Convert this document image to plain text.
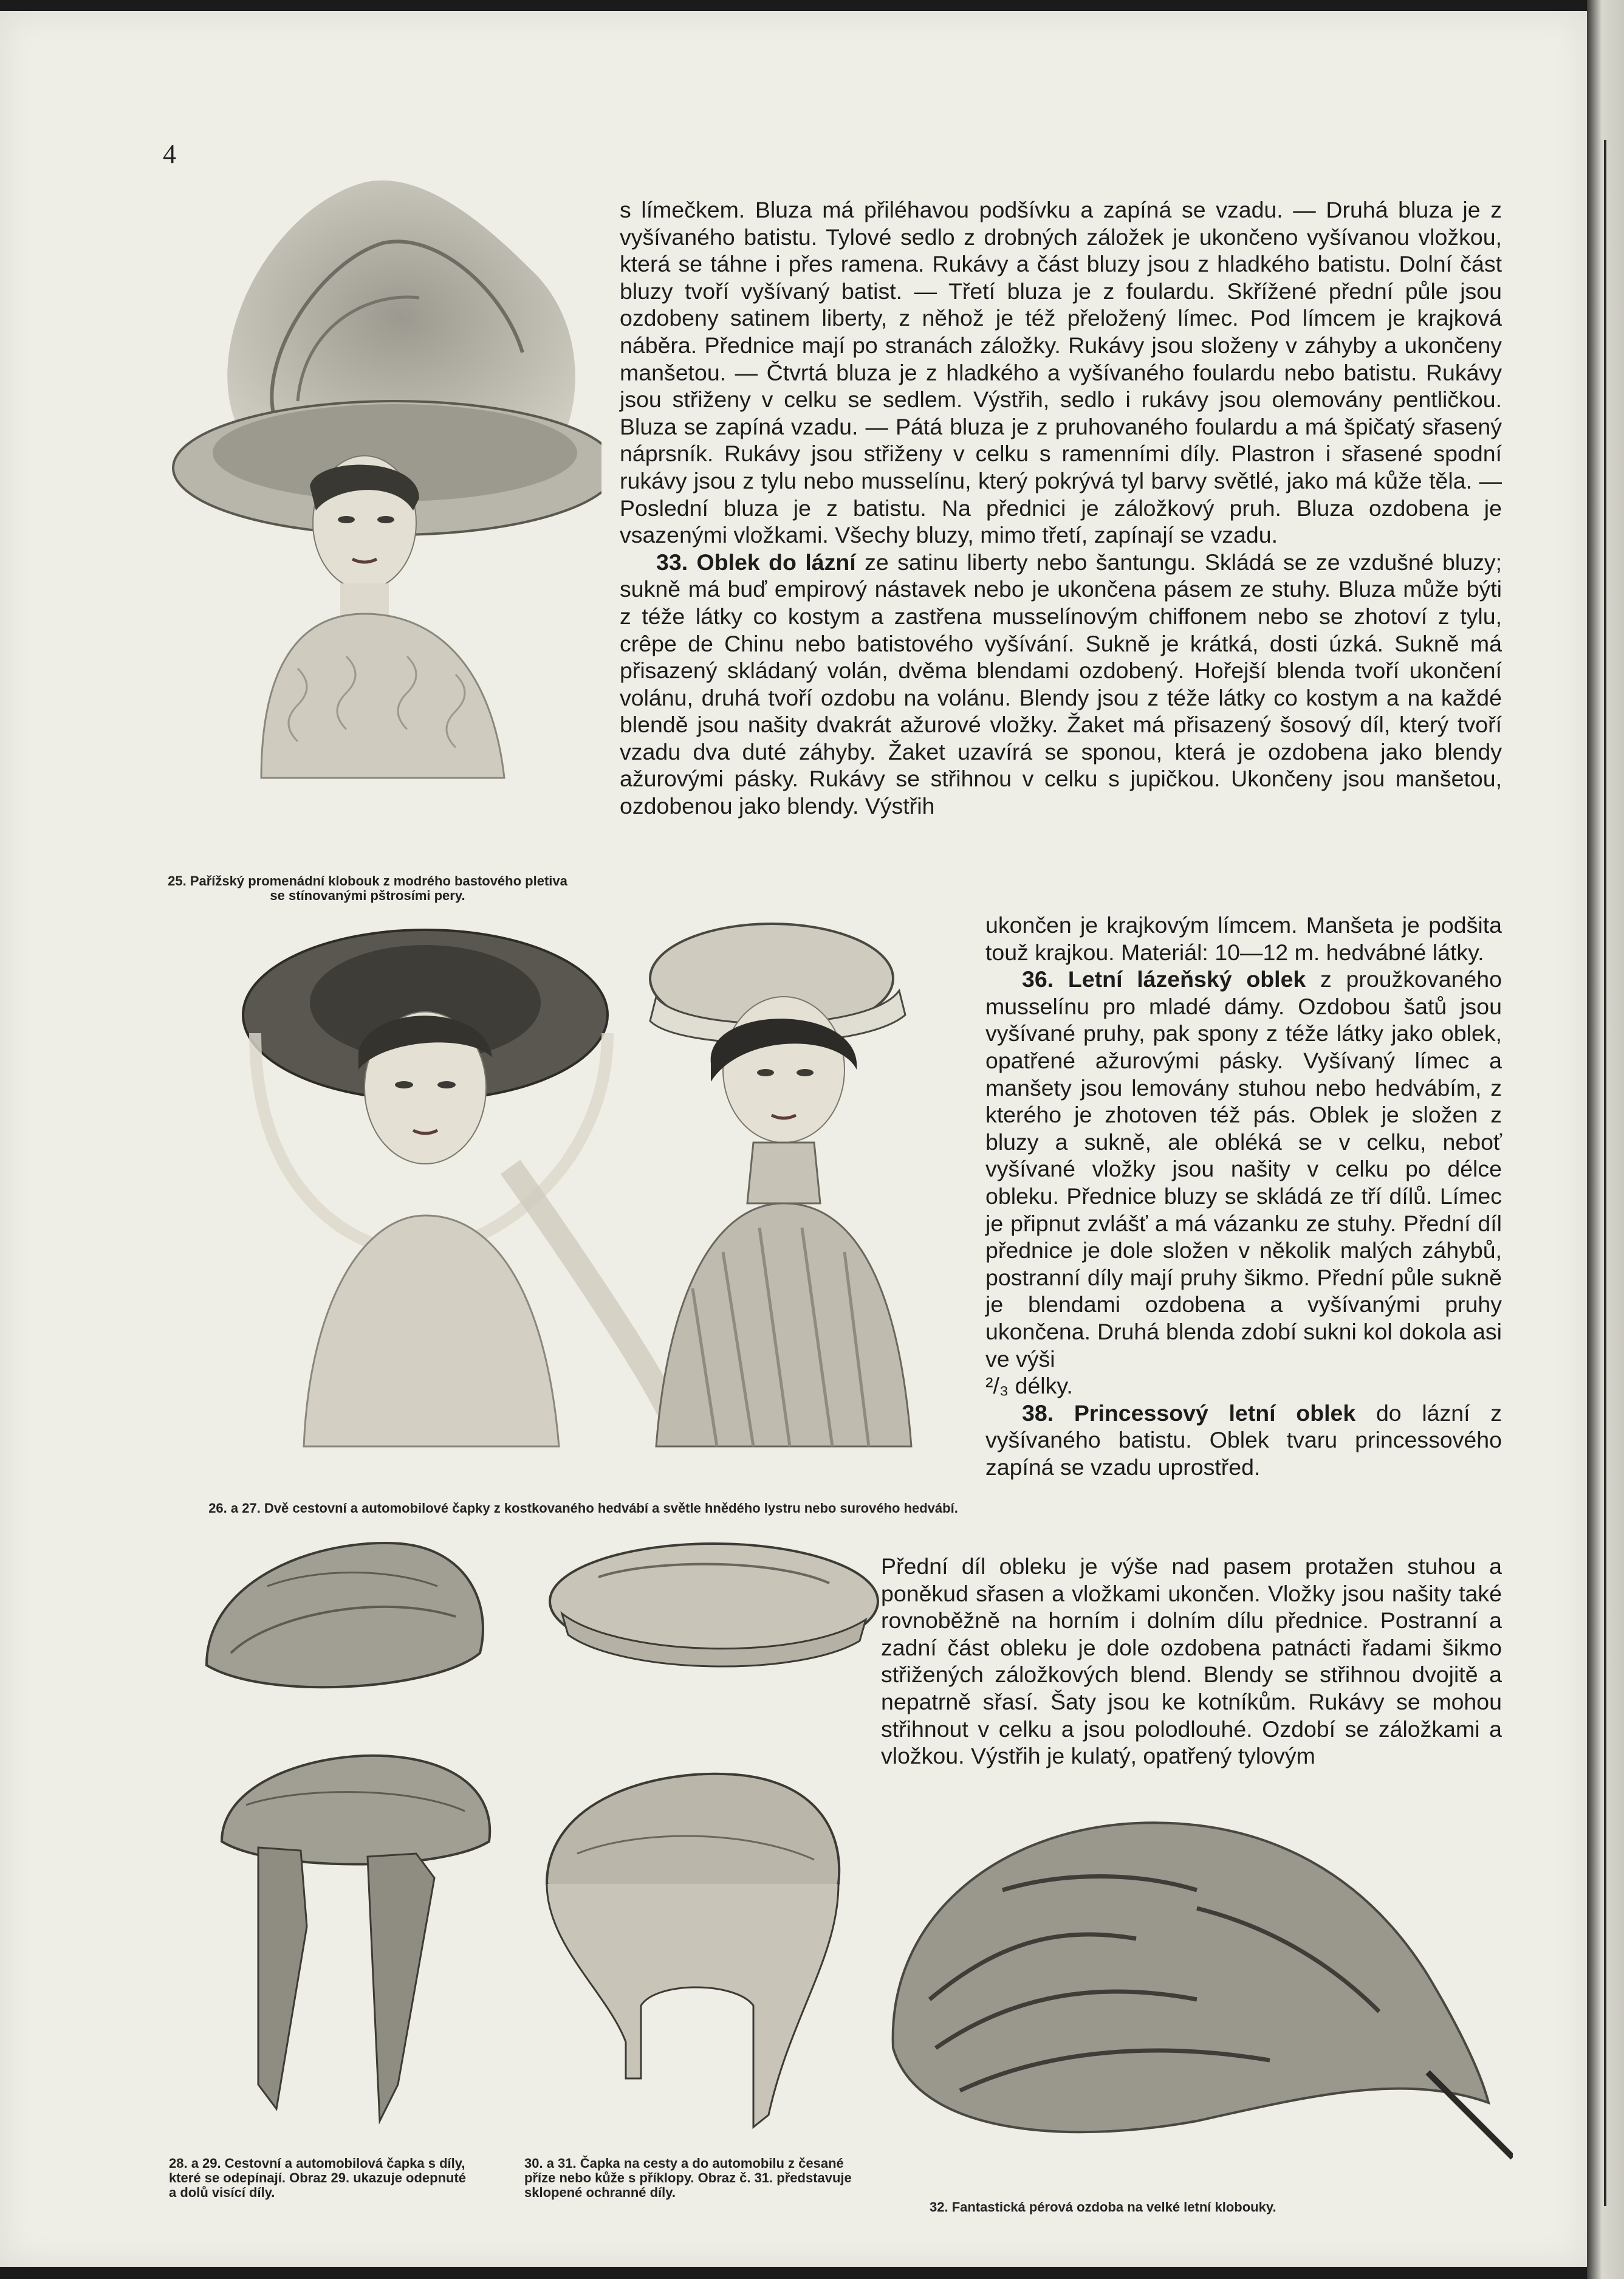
4
25. Pařížský promenádní klobouk z modrého bastového pletiva se stínovanými pštrosími pery.
26. a 27. Dvě cestovní a automobilové čapky z kostkovaného hedvábí a světle hnědého lystru nebo surového hedvábí.
28. a 29. Cestovní a automobilová čapka s díly, které se odepínají. Obraz 29. ukazuje odepnuté a dolů visící díly.
30. a 31. Čapka na cesty a do automobilu z česané příze nebo kůže s příklopy. Obraz č. 31. představuje sklopené ochranné díly.
32. Fantastická pérová ozdoba na velké letní klobouky.

s límečkem. Bluza má přiléhavou podšívku a zapíná se vzadu. — Druhá bluza je z vyšívaného batistu. Tylové sedlo z drobných záložek je ukončeno vyšívanou vložkou, která se táhne i přes ramena. Rukávy a část bluzy jsou z hladkého batistu. Dolní část bluzy tvoří vyšívaný batist. — Třetí bluza je z foulardu. Skřížené přední půle jsou ozdobeny satinem liberty, z něhož je též přeložený límec. Pod límcem je krajková náběra. Přednice mají po stranách záložky. Rukávy jsou složeny v záhyby a ukončeny manšetou. — Čtvrtá bluza je z hladkého a vyšívaného foulardu nebo batistu. Rukávy jsou střiženy v celku se sedlem. Výstřih, sedlo i rukávy jsou olemovány pentličkou. Bluza se zapíná vzadu. — Pátá bluza je z pruhovaného foulardu a má špičatý sřasený náprsník. Rukávy jsou střiženy v celku s ramenními díly. Plastron i sřasené spodní rukávy jsou z tylu nebo musselínu, který pokrývá tyl barvy světlé, jako má kůže těla. — Poslední bluza je z batistu. Na přednici je záložkový pruh. Bluza ozdobena je vsazenými vložkami. Všechy bluzy, mimo třetí, zapínají se vzadu.

33. Oblek do lázní ze satinu liberty nebo šantungu. Skládá se ze vzdušné bluzy; sukně má buď empirový nástavek nebo je ukončena pásem ze stuhy. Bluza může býti z téže látky co kostym a zastřena musselínovým chiffonem nebo se zhotoví z tylu, crêpe de Chinu nebo batistového vyšívání. Sukně je krátká, dosti úzká. Sukně má přisazený skládaný volán, dvěma blendami ozdobený. Hořejší blenda tvoří ukončení volánu, druhá tvoří ozdobu na volánu. Blendy jsou z téže látky co kostym a na každé blendě jsou našity dvakrát ažurové vložky. Žaket má přisazený šosový díl, který tvoří vzadu dva duté záhyby. Žaket uzavírá se sponou, která je ozdobena jako blendy ažurovými pásky. Rukávy se střihnou v celku s jupičkou. Ukončeny jsou manšetou, ozdobenou jako blendy. Výstřih

ukončen je krajkovým límcem. Manšeta je podšita touž krajkou. Materiál: 10—12 m. hedvábné látky.

36. Letní lázeňský oblek z proužkovaného musselínu pro mladé dámy. Ozdobou šatů jsou vyšívané pruhy, pak spony z téže látky jako oblek, opatřené ažurovými pásky. Vyšívaný límec a manšety jsou lemovány stuhou nebo hedvábím, z kterého je zhotoven též pás. Oblek je složen z bluzy a sukně, ale obléká se v celku, neboť vyšívané vložky jsou našity v celku po délce obleku. Přednice bluzy se skládá ze tří dílů. Límec je připnut zvlášť a má vázanku ze stuhy. Přední díl přednice je dole složen v několik malých záhybů, postranní díly mají pruhy šikmo. Přední půle sukně je blendami ozdobena a vyšívanými pruhy ukončena. Druhá blenda zdobí sukni kol dokola asi ve výši

²/₃ délky.

38. Princessový letní oblek do lázní z vyšívaného batistu. Oblek tvaru princessového zapíná se vzadu uprostřed.

Přední díl obleku je výše nad pasem protažen stuhou a poněkud sřasen a vložkami ukončen. Vložky jsou našity také rovnoběžně na horním i dolním dílu přednice. Postranní a zadní část obleku je dole ozdobena patnácti řadami šikmo střižených záložkových blend. Blendy se střihnou dvojitě a nepatrně sřasí. Šaty jsou ke kotníkům. Rukávy se mohou střihnout v celku a jsou polodlouhé. Ozdobí se záložkami a vložkou. Výstřih je kulatý, opatřený tylovým
